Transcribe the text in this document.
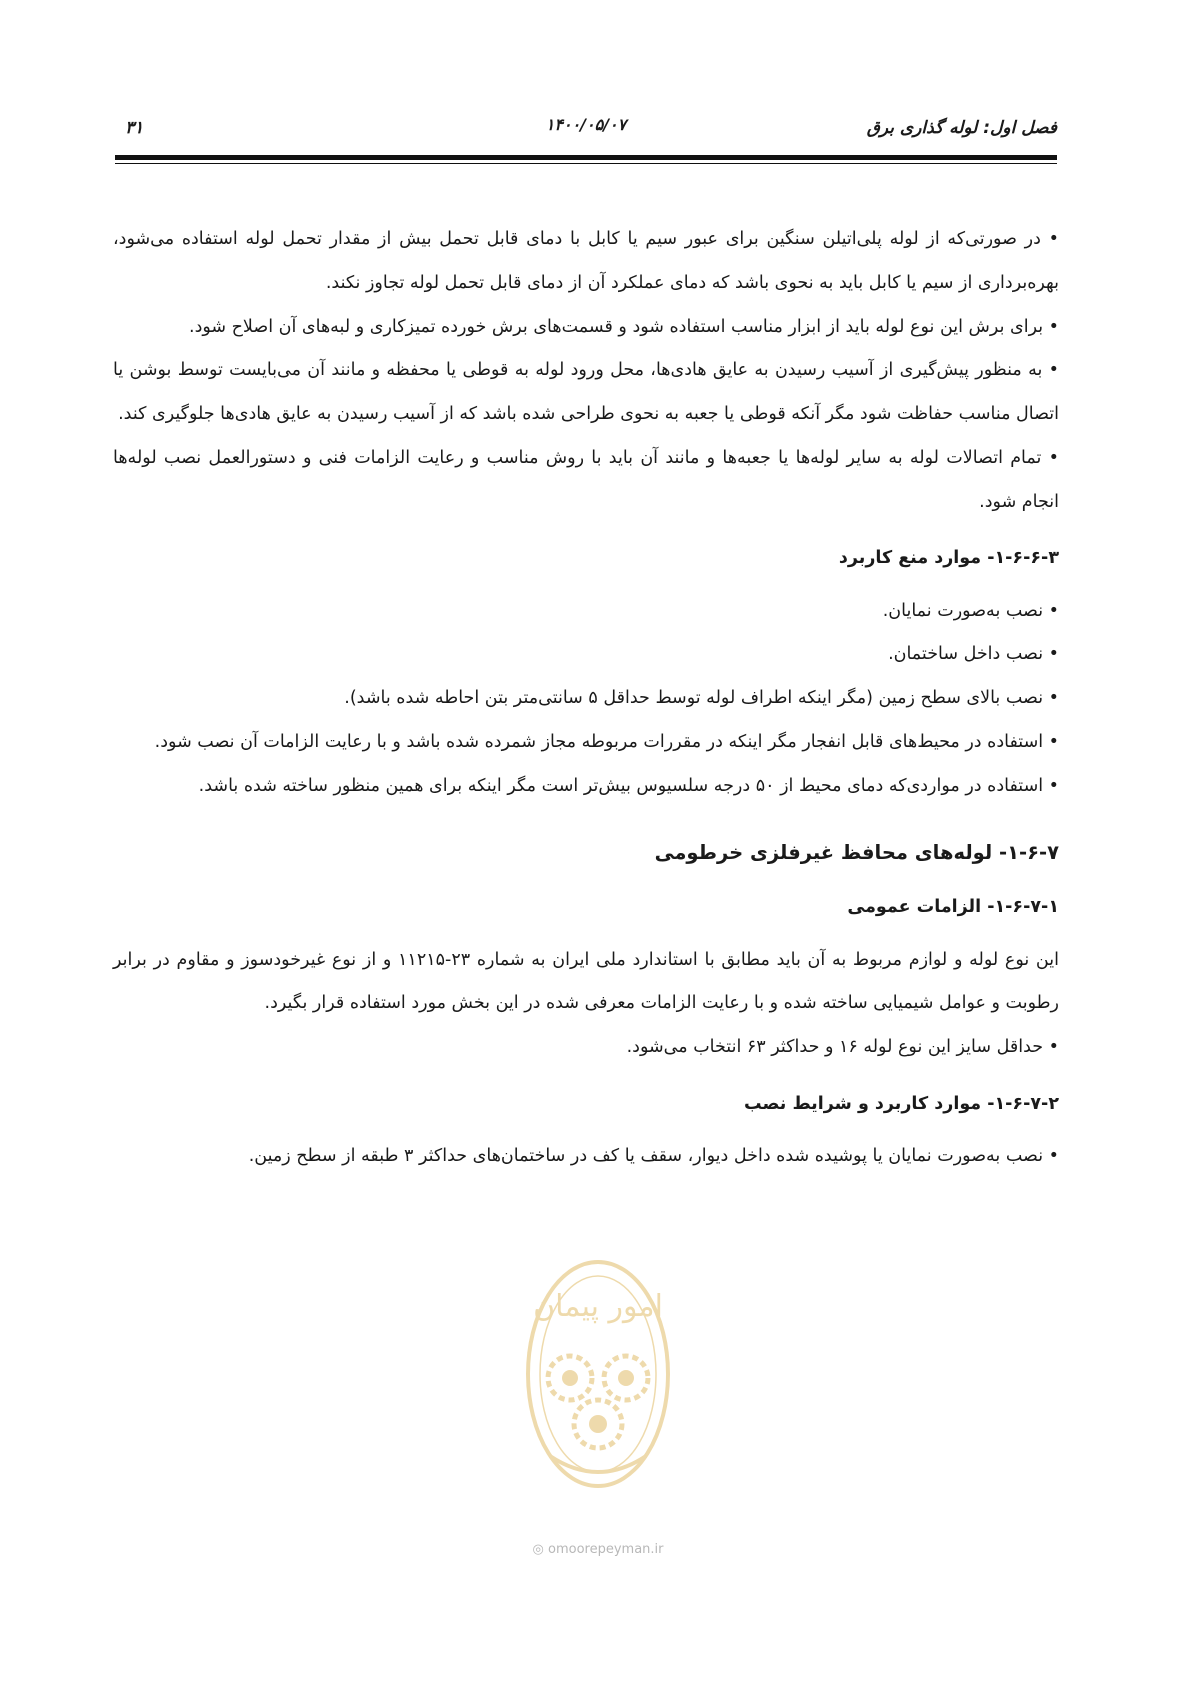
فصل اول: لوله گذاری برق
۱۴۰۰/۰۵/۰۷
۳۱

• در صورتی‌که از لوله پلی‌اتیلن سنگین برای عبور سیم یا کابل با دمای قابل تحمل بیش از مقدار تحمل لوله استفاده می‌شود، بهره‌برداری از سیم یا کابل باید به نحوی باشد که دمای عملکرد آن از دمای قابل تحمل لوله تجاوز نکند.

• برای برش این نوع لوله باید از ابزار مناسب استفاده شود و قسمت‌های برش خورده تمیزکاری و لبه‌های آن اصلاح شود.

• به منظور پیش‌گیری از آسیب رسیدن به عایق هادی‌ها، محل ورود لوله به قوطی یا محفظه و مانند آن می‌بایست توسط بوشن یا اتصال مناسب حفاظت شود مگر آنکه قوطی یا جعبه به نحوی طراحی شده باشد که از آسیب رسیدن به عایق هادی‌ها جلوگیری کند.

• تمام اتصالات لوله به سایر لوله‌ها یا جعبه‌ها و مانند آن باید با روش مناسب و رعایت الزامات فنی و دستورالعمل نصب لوله‌ها انجام شود.

۱-۶-۶-۳- موارد منع کاربرد

• نصب به‌صورت نمایان.

• نصب داخل ساختمان.

• نصب بالای سطح زمین (مگر اینکه اطراف لوله توسط حداقل ۵ سانتی‌متر بتن احاطه شده باشد).

• استفاده در محیط‌های قابل انفجار مگر اینکه در مقررات مربوطه مجاز شمرده شده باشد و با رعایت الزامات آن نصب شود.

• استفاده در مواردی‌که دمای محیط از ۵۰ درجه سلسیوس بیش‌تر است مگر اینکه برای همین منظور ساخته شده باشد.

۱-۶-۷- لوله‌های محافظ غیرفلزی خرطومی
۱-۶-۷-۱- الزامات عمومی

این نوع لوله و لوازم مربوط به آن باید مطابق با استاندارد ملی ایران به شماره ۲۳-۱۱۲۱۵ و از نوع غیرخودسوز و مقاوم در برابر رطوبت و عوامل شیمیایی ساخته شده و با رعایت الزامات معرفی شده در این بخش مورد استفاده قرار بگیرد.

• حداقل سایز این نوع لوله ۱۶ و حداکثر ۶۳ انتخاب می‌شود.

۱-۶-۷-۲- موارد کاربرد و شرایط نصب

• نصب به‌صورت نمایان یا پوشیده شده داخل دیوار، سقف یا کف در ساختمان‌های حداکثر ۳ طبقه از سطح زمین.

امور پیمان
◎ omoorepeyman.ir
